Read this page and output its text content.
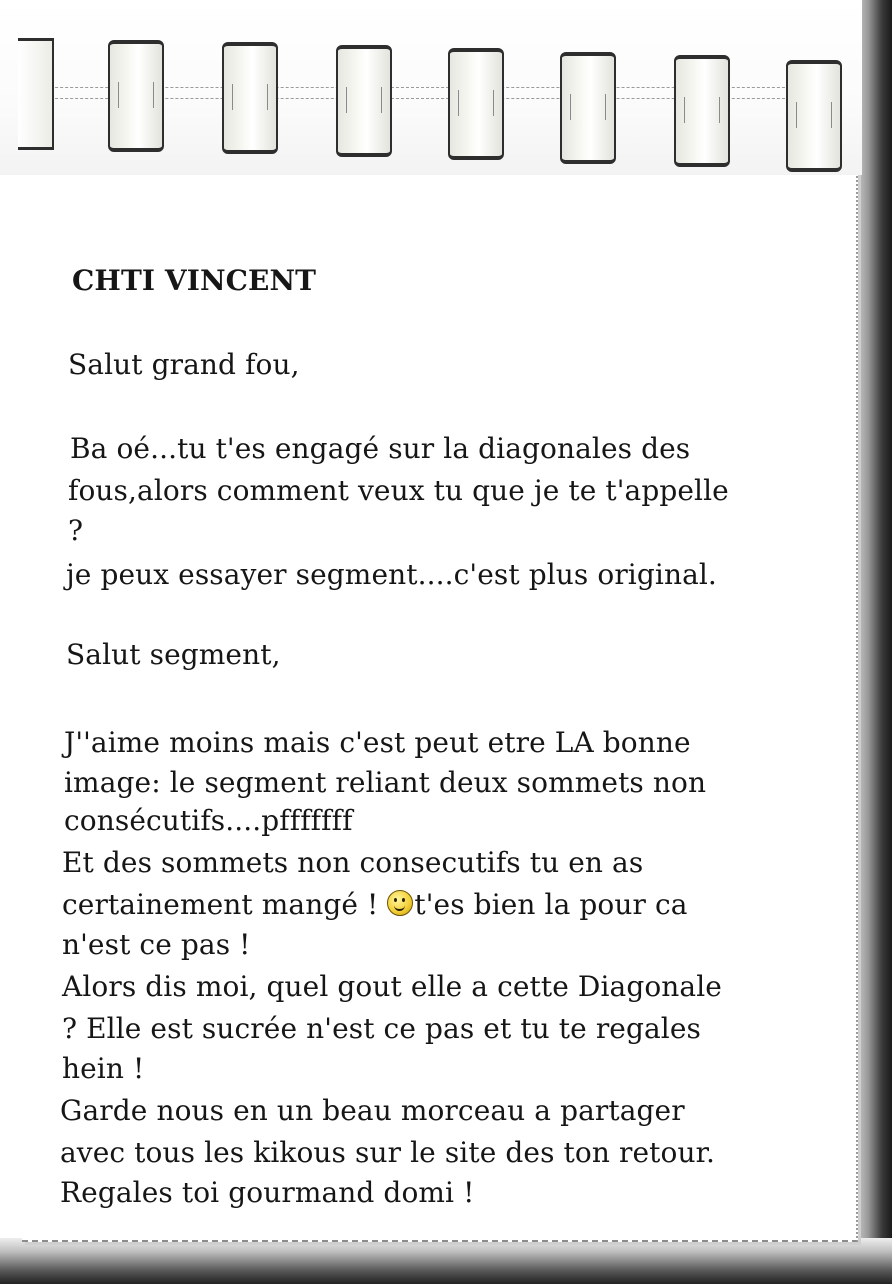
CHTI VINCENT
Salut grand fou,
Ba oé...tu t'es engagé sur la diagonales des
fous,alors comment veux tu que je te t'appelle
?
je peux essayer segment....c'est plus original.
Salut segment,
J''aime moins mais c'est peut etre LA bonne
image: le segment reliant deux sommets non
consécutifs....pfffffff
Et des sommets non consecutifs tu en as
certainement mangé ! t'es bien la pour ca
n'est ce pas !
Alors dis moi, quel gout elle a cette Diagonale
? Elle est sucrée n'est ce pas et tu te regales
hein !
Garde nous en un beau morceau a partager
avec tous les kikous sur le site des ton retour.
Regales toi gourmand domi !
